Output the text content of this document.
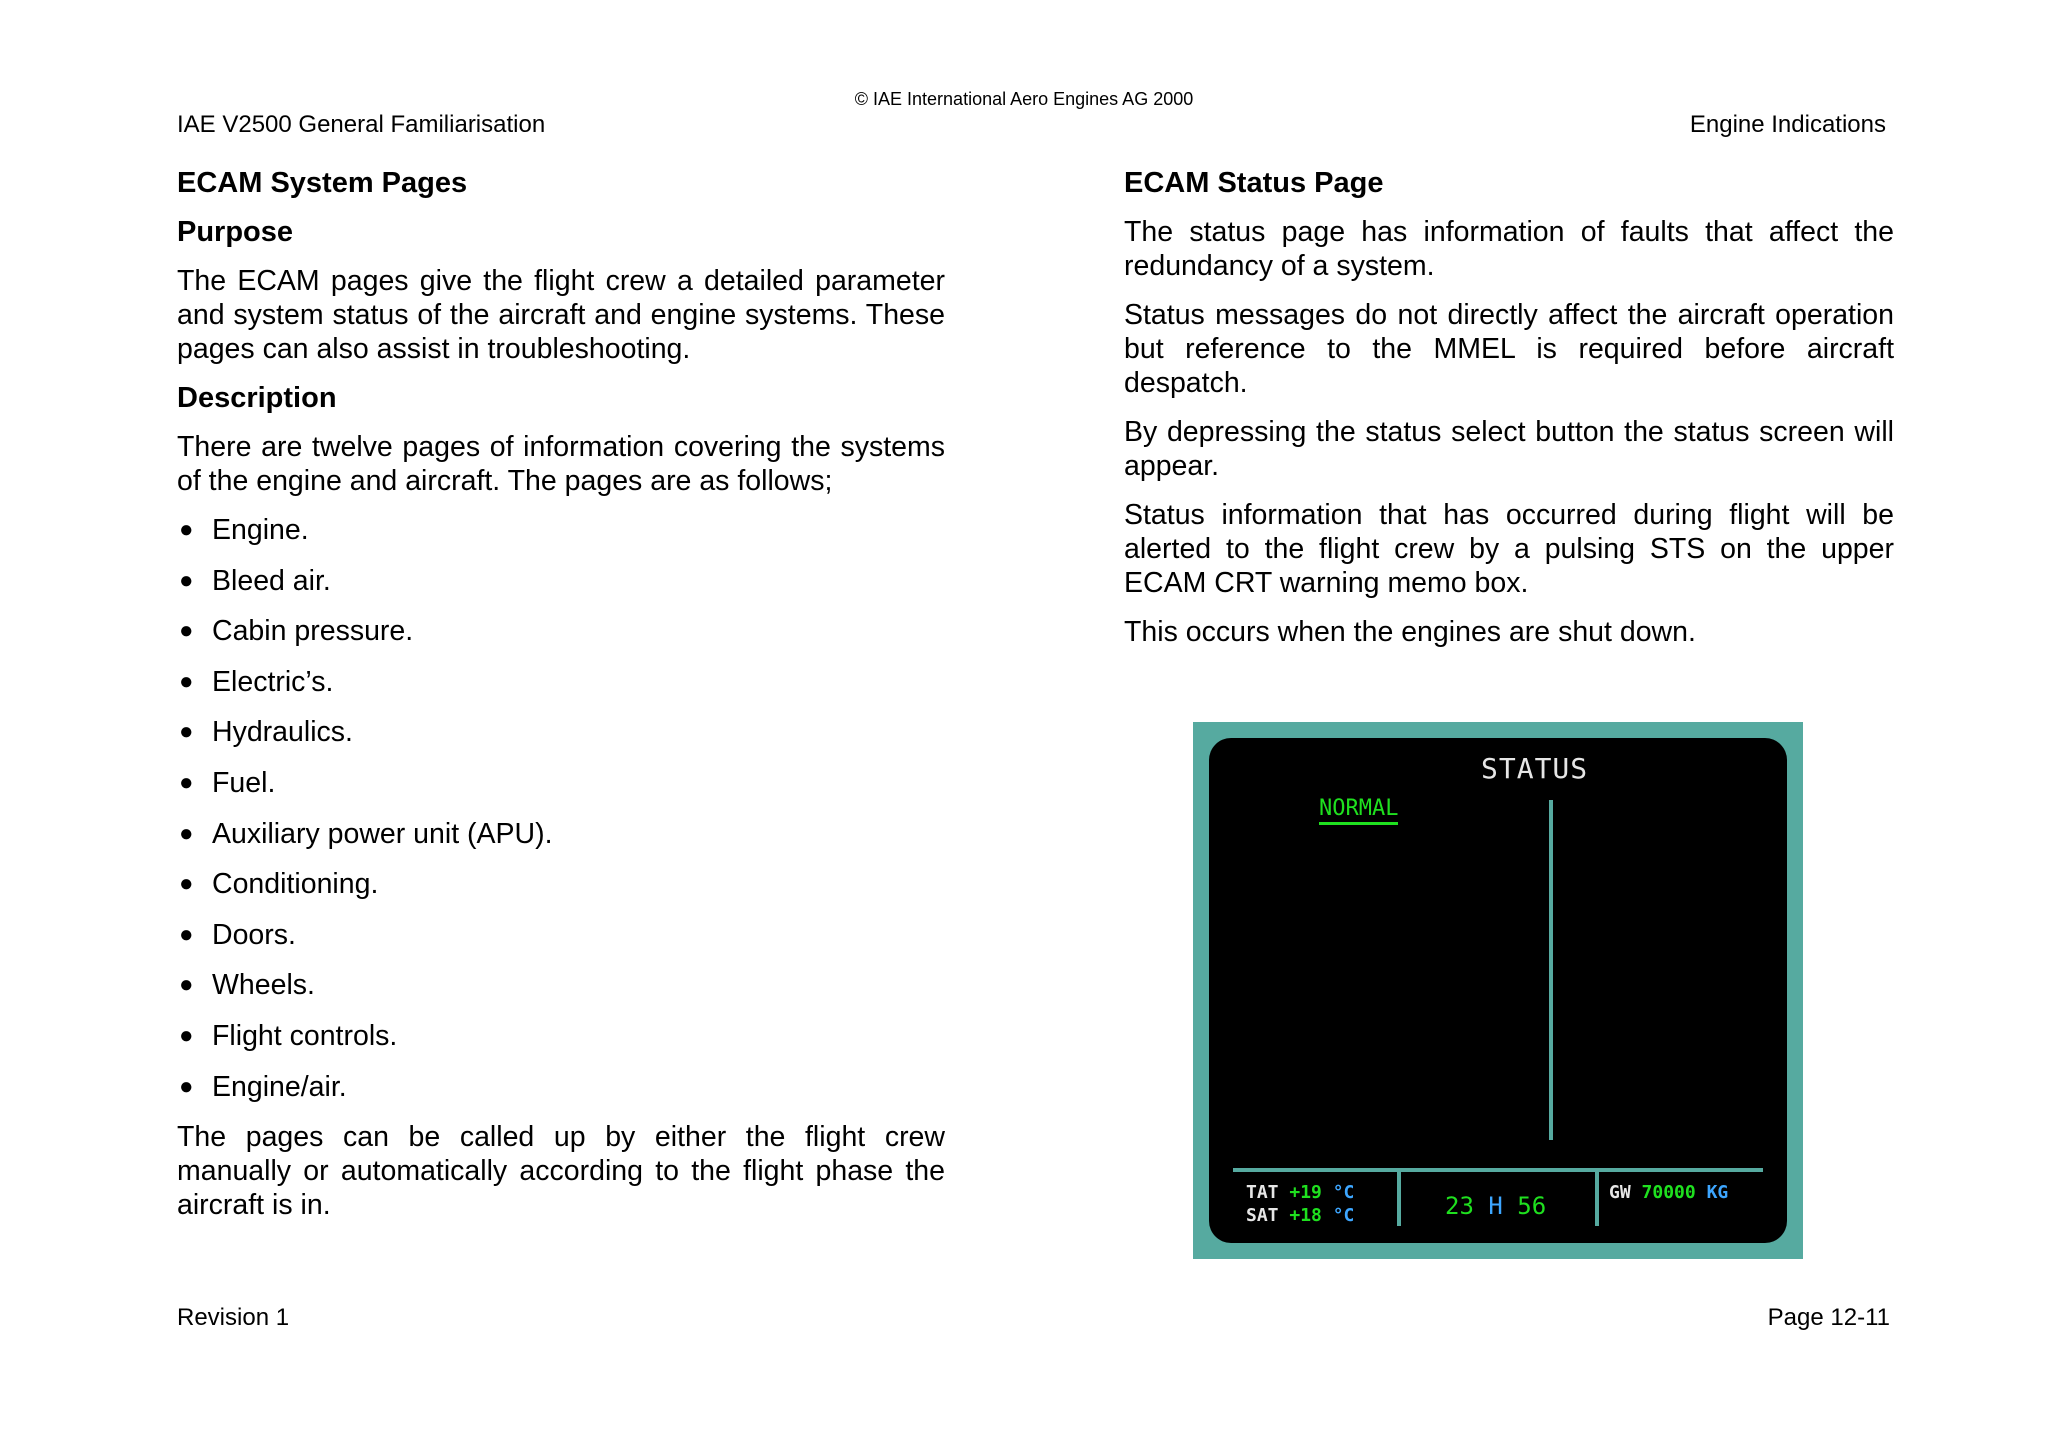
© IAE International Aero Engines AG 2000
IAE V2500 General Familiarisation	Engine Indications
ECAM System Pages
Purpose

The ECAM pages give the flight crew a detailed parameter and system status of the aircraft and engine systems. These pages can also assist in troubleshooting.

Description

There are twelve pages of information covering the systems of the engine and aircraft. The pages are as follows;

● Engine.
● Bleed air.
● Cabin pressure.
● Electric’s.
● Hydraulics.
● Fuel.
● Auxiliary power unit (APU).
● Conditioning.
● Doors.
● Wheels.
● Flight controls.
● Engine/air.

The pages can be called up by either the flight crew manually or automatically according to the flight phase the aircraft is in.

ECAM Status Page

The status page has information of faults that affect the redundancy of a system.

Status messages do not directly affect the aircraft operation but reference to the MMEL is required before aircraft despatch.

By depressing the status select button the status screen will appear.

Status information that has occurred during flight will be alerted to the flight crew by a pulsing STS on the upper ECAM CRT warning memo box.

This occurs when the engines are shut down.

STATUS
NORMAL
TAT +19 °C
SAT +18 °C	23 H 56	GW 70000 KG
Revision 1	Page 12-11
